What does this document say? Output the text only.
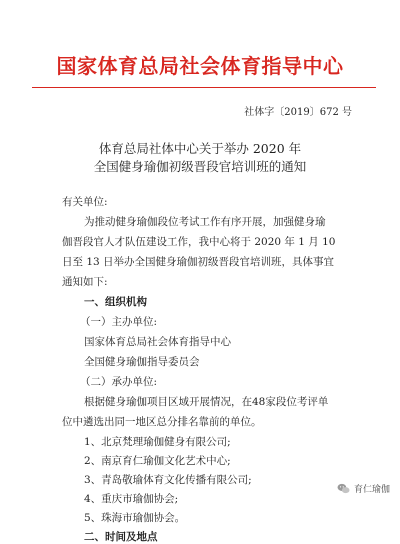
国家体育总局社会体育指导中心
社体字〔2019〕672 号
体育总局社体中心关于举办 2020 年
全国健身瑜伽初级晋段官培训班的通知
有关单位:
为推动健身瑜伽段位考试工作有序开展，加强健身瑜
伽晋段官人才队伍建设工作，我中心将于 2020 年 1 月 10
日至 13 日举办全国健身瑜伽初级晋段官培训班，具体事宜
通知如下:
一、组织机构
（一）主办单位:
国家体育总局社会体育指导中心
全国健身瑜伽指导委员会
（二）承办单位:
根据健身瑜伽项目区域开展情况，在48家段位考评单
位中遴选出同一地区总分排名靠前的单位。
1、北京梵理瑜伽健身有限公司;
2、南京育仁瑜伽文化艺术中心;
3、青岛敬瑜体育文化传播有限公司;
4、重庆市瑜伽协会;
5、珠海市瑜伽协会。
二、时间及地点
育仁瑜伽
